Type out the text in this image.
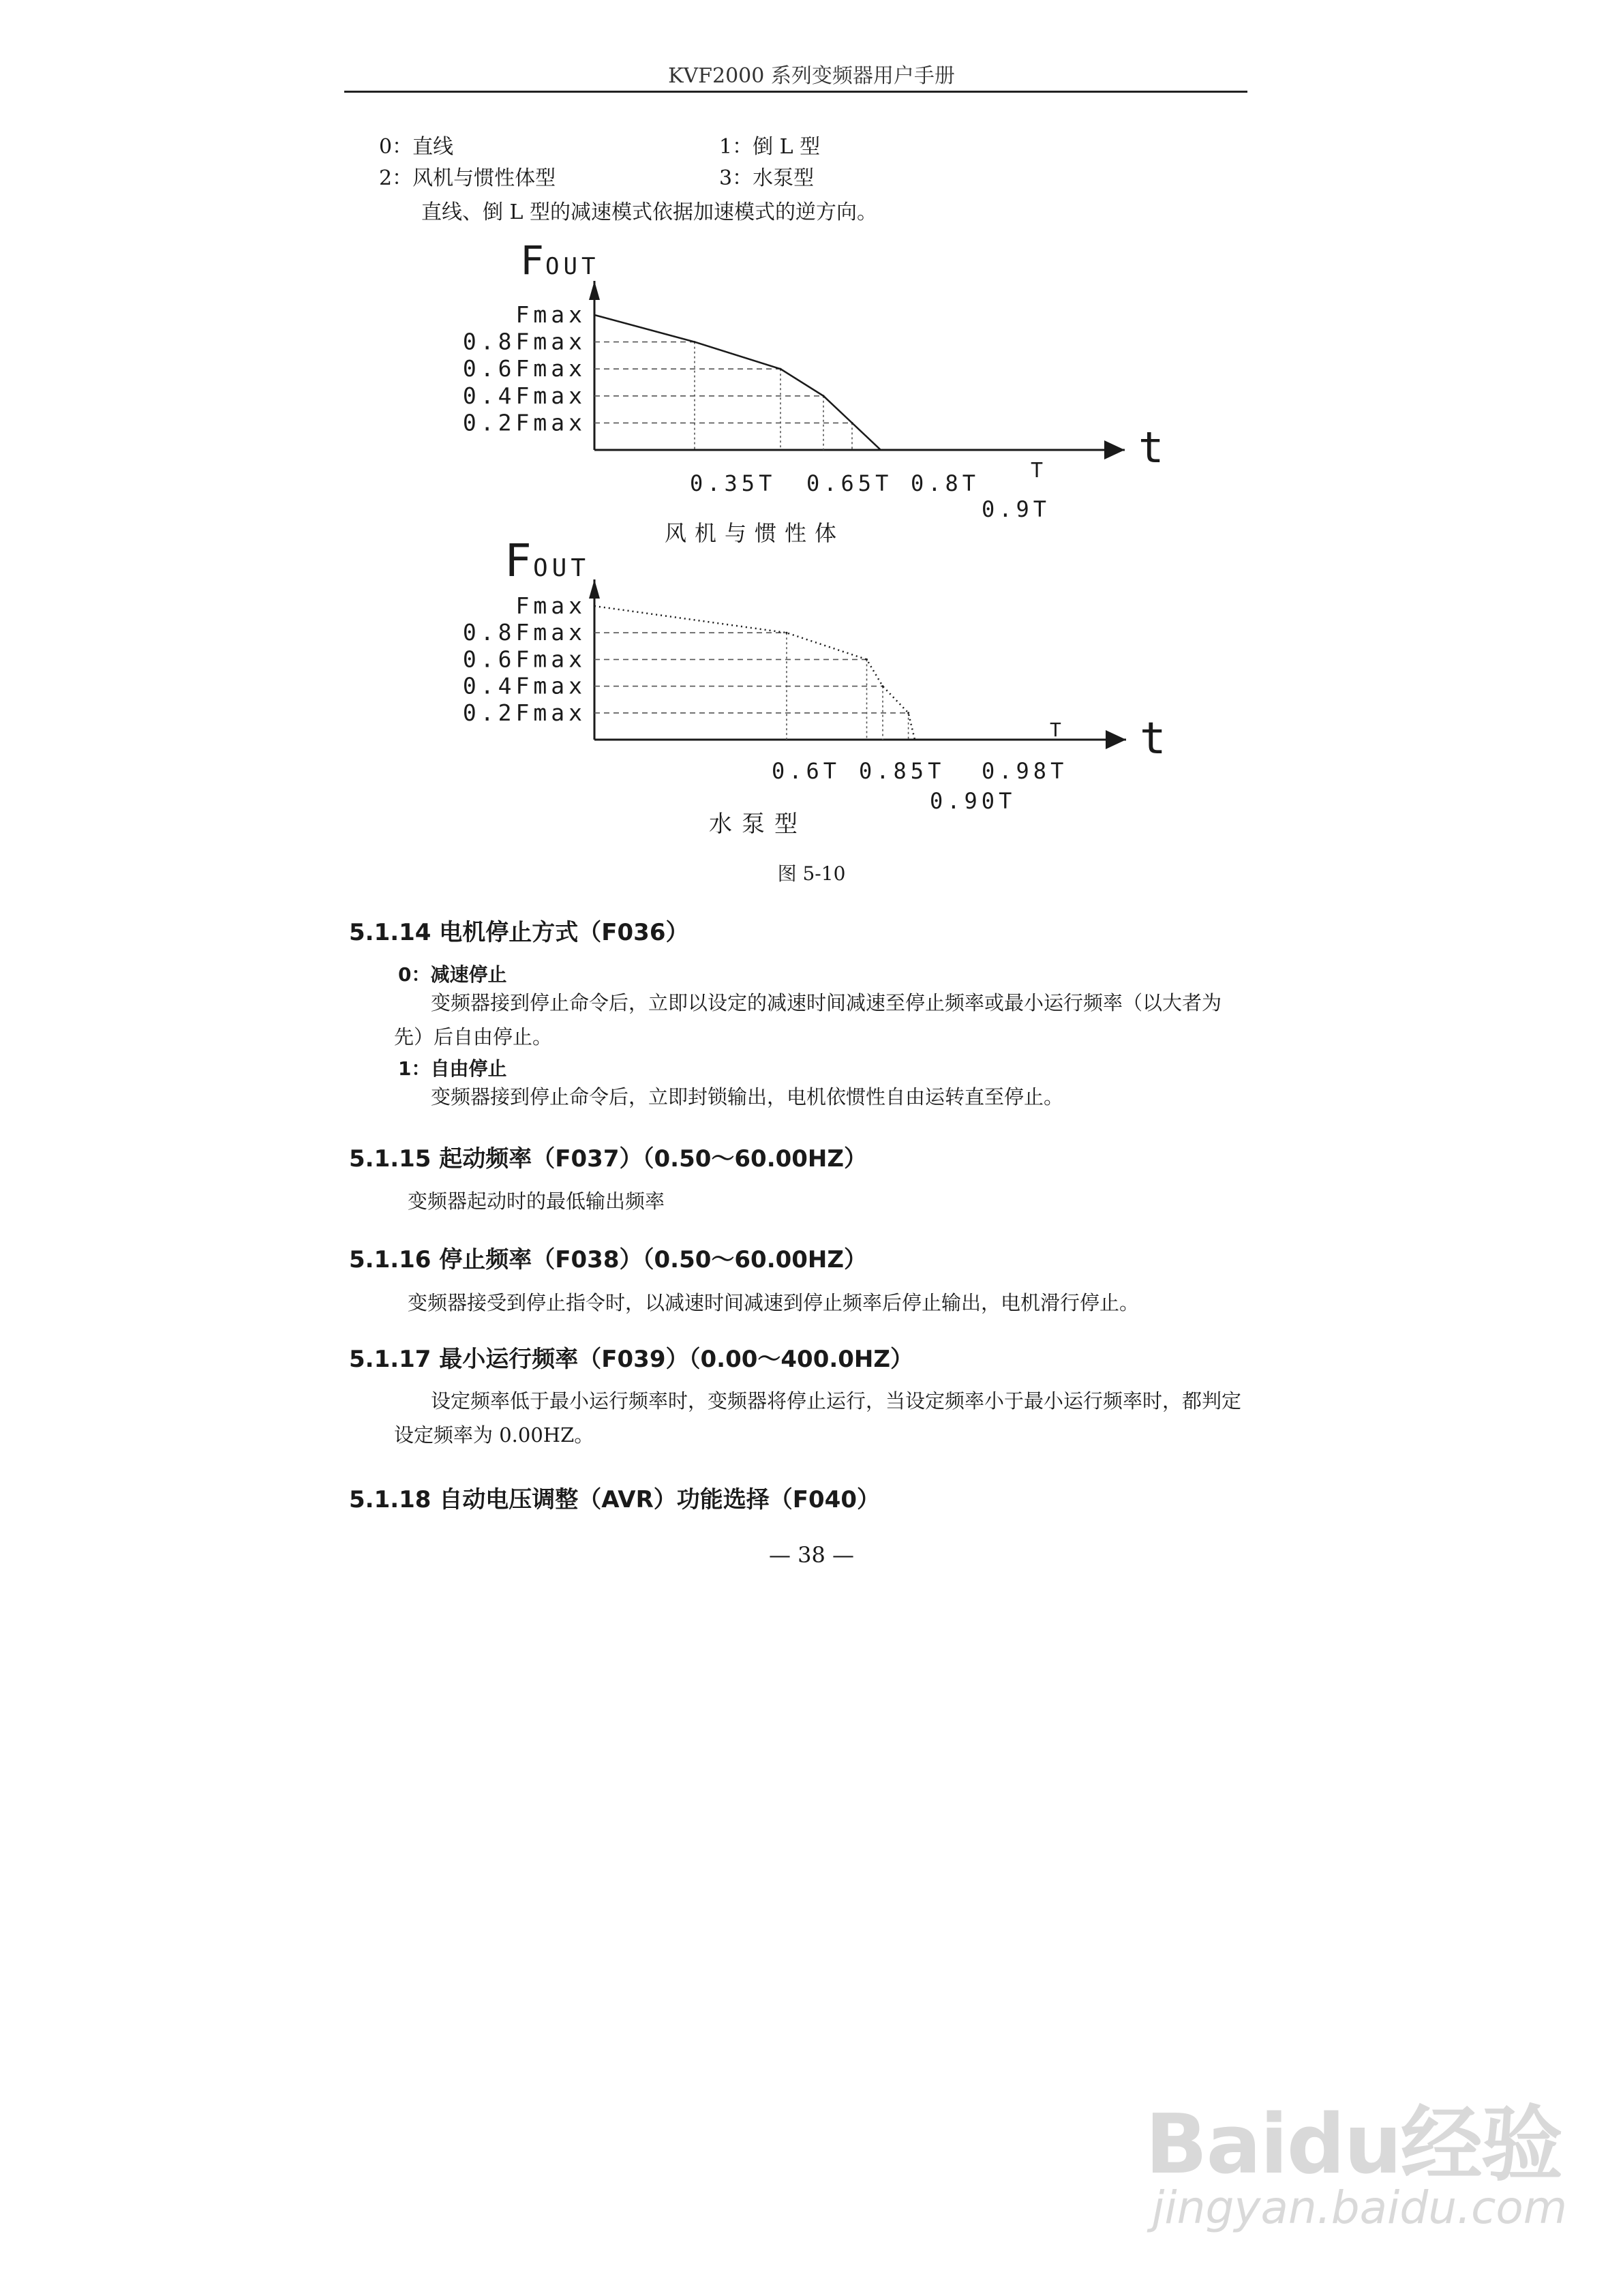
KVF2000 系列变频器用户手册
0：直线	1：倒 L 型
2：风机与惯性体型	3：水泵型
直线、倒 L 型的减速模式依据加速模式的逆方向。
F OUT
t
T
Fmax
0.8Fmax
0.6Fmax
0.4Fmax
0.2Fmax
0.35T 0.65T 0.8T
0.9T
风机与惯性体
F OUT
t
T
Fmax
0.8Fmax
0.6Fmax
0.4Fmax
0.2Fmax
0.6T 0.85T 0.98T
0.90T
水泵型
图 5-10
5.1.14 电机停止方式（F036）
0：减速停止
变频器接到停止命令后，立即以设定的减速时间减速至停止频率或最小运行频率（以大者为先）后自由停止。
1：自由停止
变频器接到停止命令后，立即封锁输出，电机依惯性自由运转直至停止。
5.1.15 起动频率（F037）（0.50～60.00HZ）
变频器起动时的最低输出频率
5.1.16 停止频率（F038）（0.50～60.00HZ）
变频器接受到停止指令时，以减速时间减速到停止频率后停止输出，电机滑行停止。
5.1.17 最小运行频率（F039）（0.00～400.0HZ）
设定频率低于最小运行频率时，变频器将停止运行，当设定频率小于最小运行频率时，都判定设定频率为 0.00HZ。
5.1.18 自动电压调整（AVR）功能选择（F040）
— 38 —
Baidu经验
jingyan.baidu.com
